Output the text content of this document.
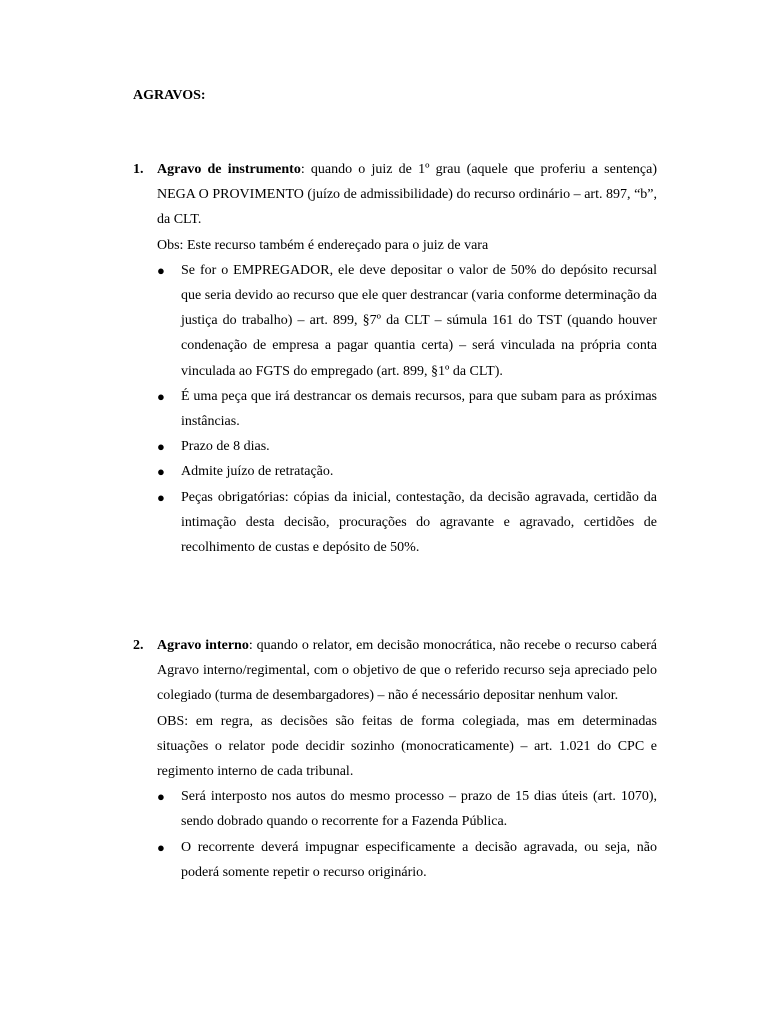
AGRAVOS:
1. Agravo de instrumento: quando o juiz de 1º grau (aquele que proferiu a sentença) NEGA O PROVIMENTO (juízo de admissibilidade) do recurso ordinário – art. 897, “b”, da CLT.
Obs: Este recurso também é endereçado para o juiz de vara
●	Se for o EMPREGADOR, ele deve depositar o valor de 50% do depósito recursal que seria devido ao recurso que ele quer destrancar (varia conforme determinação da justiça do trabalho) – art. 899, §7º da CLT – súmula 161 do TST (quando houver condenação de empresa a pagar quantia certa) – será vinculada na própria conta vinculada ao FGTS do empregado (art. 899, §1º da CLT).
●	É uma peça que irá destrancar os demais recursos, para que subam para as próximas instâncias.
●	Prazo de 8 dias.
●	Admite juízo de retratação.
●	Peças obrigatórias: cópias da inicial, contestação, da decisão agravada, certidão da intimação desta decisão, procurações do agravante e agravado, certidões de recolhimento de custas e depósito de 50%.
2. Agravo interno: quando o relator, em decisão monocrática, não recebe o recurso caberá Agravo interno/regimental, com o objetivo de que o referido recurso seja apreciado pelo colegiado (turma de desembargadores) – não é necessário depositar nenhum valor.
OBS: em regra, as decisões são feitas de forma colegiada, mas em determinadas situações o relator pode decidir sozinho (monocraticamente) – art. 1.021 do CPC e regimento interno de cada tribunal.
●	Será interposto nos autos do mesmo processo – prazo de 15 dias úteis (art. 1070), sendo dobrado quando o recorrente for a Fazenda Pública.
●	O recorrente deverá impugnar especificamente a decisão agravada, ou seja, não poderá somente repetir o recurso originário.
